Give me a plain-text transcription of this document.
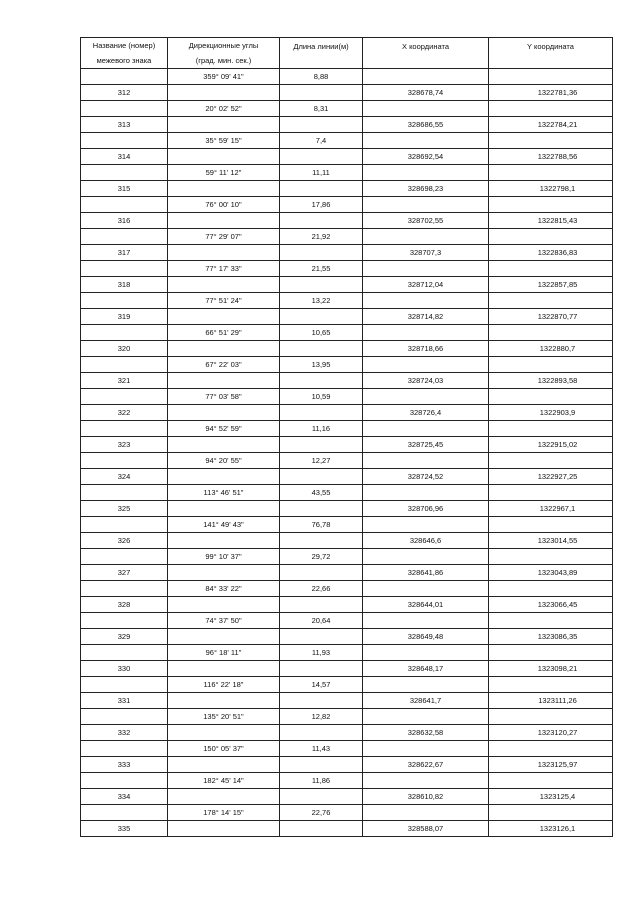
Название (номер)	Дирекционные углы	Длина линии(м)	X координата	Y координата
межевого знака	(град. мин. сек.)			
	359° 09' 41"	8,88		
312			328678,74	1322781,36
	20° 02' 52"	8,31		
313			328686,55	1322784,21
	35° 59' 15"	7,4		
314			328692,54	1322788,56
	59° 11' 12"	11,11		
315			328698,23	1322798,1
	76° 00' 10"	17,86		
316			328702,55	1322815,43
	77° 29' 07"	21,92		
317			328707,3	1322836,83
	77° 17' 33"	21,55		
318			328712,04	1322857,85
	77° 51' 24"	13,22		
319			328714,82	1322870,77
	66° 51' 29"	10,65		
320			328718,66	1322880,7
	67° 22' 03"	13,95		
321			328724,03	1322893,58
	77° 03' 58"	10,59		
322			328726,4	1322903,9
	94° 52' 59"	11,16		
323			328725,45	1322915,02
	94° 20' 55"	12,27		
324			328724,52	1322927,25
	113° 46' 51"	43,55		
325			328706,96	1322967,1
	141° 49' 43"	76,78		
326			328646,6	1323014,55
	99° 10' 37"	29,72		
327			328641,86	1323043,89
	84° 33' 22"	22,66		
328			328644,01	1323066,45
	74° 37' 50"	20,64		
329			328649,48	1323086,35
	96° 18' 11"	11,93		
330			328648,17	1323098,21
	116° 22' 18"	14,57		
331			328641,7	1323111,26
	135° 20' 51"	12,82		
332			328632,58	1323120,27
	150° 05' 37"	11,43		
333			328622,67	1323125,97
	182° 45' 14"	11,86		
334			328610,82	1323125,4
	178° 14' 15"	22,76		
335			328588,07	1323126,1
